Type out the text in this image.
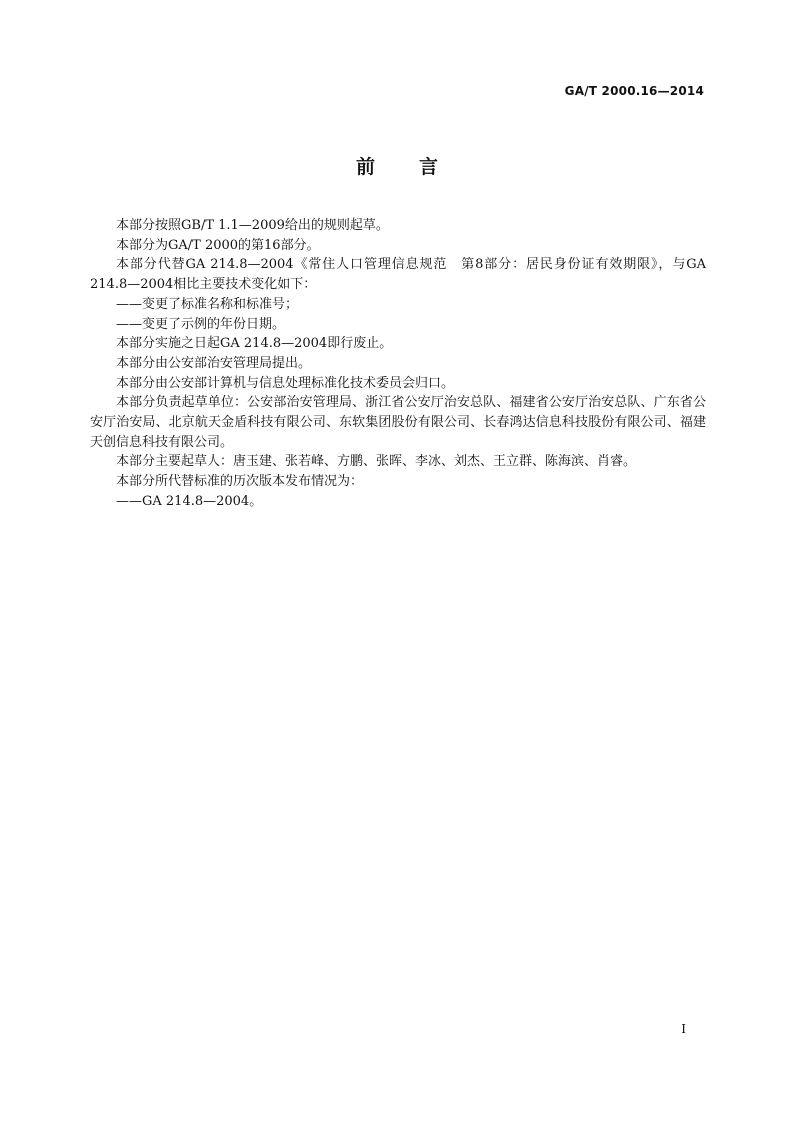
GA/T 2000.16—2014
前言

本部分按照GB/T 1.1—2009给出的规则起草。

本部分为GA/T 2000的第16部分。

本部分代替GA 214.8—2004《常住人口管理信息规范　第8部分：居民身份证有效期限》，与GA 214.8—2004相比主要技术变化如下：

——变更了标准名称和标准号；

——变更了示例的年份日期。

本部分实施之日起GA 214.8—2004即行废止。

本部分由公安部治安管理局提出。

本部分由公安部计算机与信息处理标准化技术委员会归口。

本部分负责起草单位：公安部治安管理局、浙江省公安厅治安总队、福建省公安厅治安总队、广东省公安厅治安局、北京航天金盾科技有限公司、东软集团股份有限公司、长春鸿达信息科技股份有限公司、福建天创信息科技有限公司。

本部分主要起草人：唐玉建、张若峰、方鹏、张晖、李冰、刘杰、王立群、陈海滨、肖睿。

本部分所代替标准的历次版本发布情况为：

——GA 214.8—2004。

I
